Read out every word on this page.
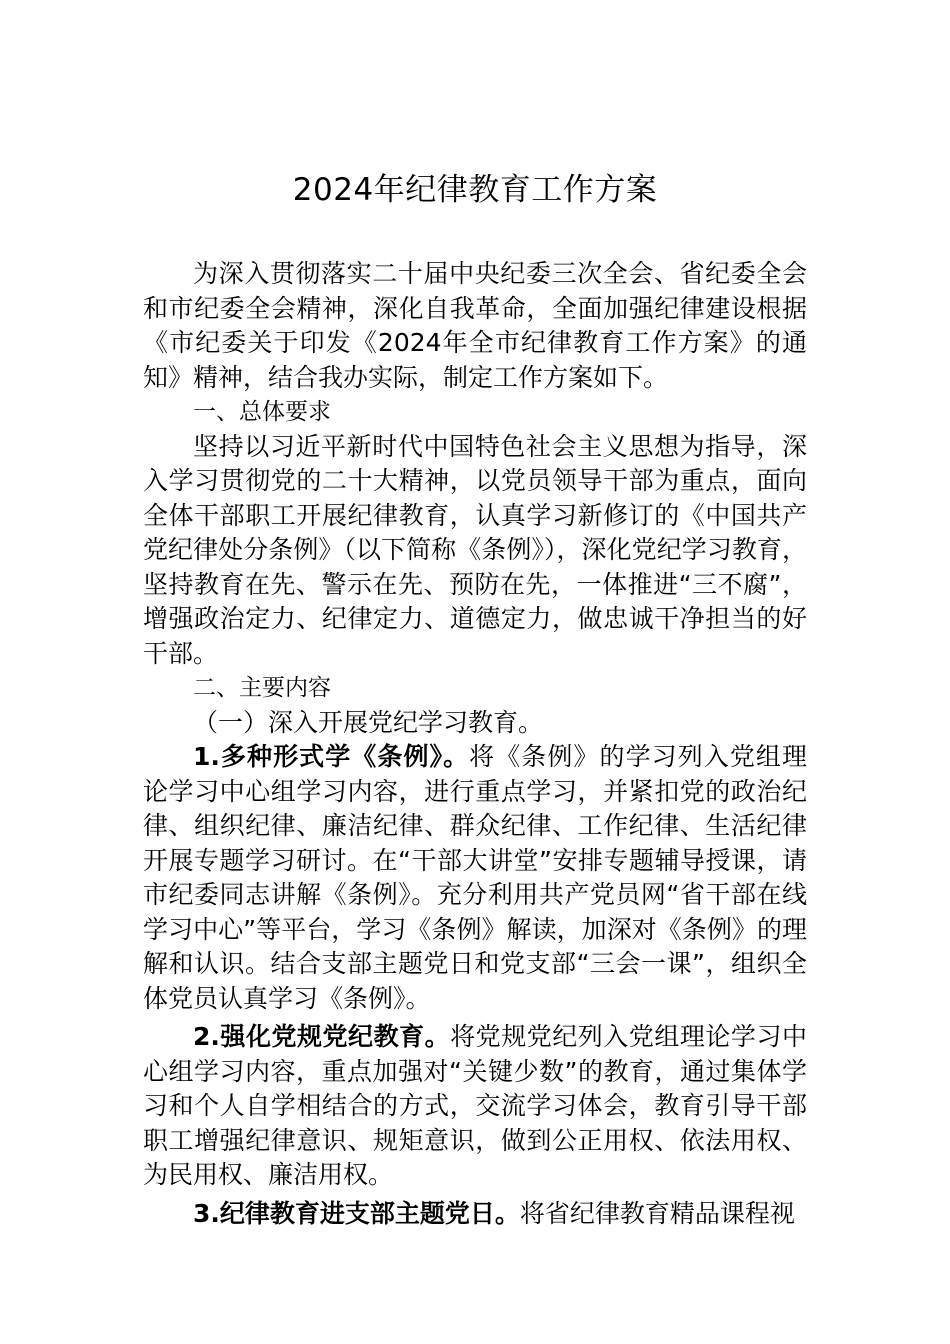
2024年纪律教育工作方案

为深入贯彻落实二十届中央纪委三次全会、省纪委全会和市纪委全会精神，深化自我革命，全面加强纪律建设根据《市纪委关于印发《2024年全市纪律教育工作方案》的通知》精神，结合我办实际，制定工作方案如下。

一、总体要求

坚持以习近平新时代中国特色社会主义思想为指导，深入学习贯彻党的二十大精神，以党员领导干部为重点，面向全体干部职工开展纪律教育，认真学习新修订的《中国共产党纪律处分条例》（以下简称《条例》），深化党纪学习教育，坚持教育在先、警示在先、预防在先，一体推进“三不腐”，增强政治定力、纪律定力、道德定力，做忠诚干净担当的好干部。

二、主要内容

（一）深入开展党纪学习教育。

1.多种形式学《条例》。将《条例》的学习列入党组理论学习中心组学习内容，进行重点学习，并紧扣党的政治纪律、组织纪律、廉洁纪律、群众纪律、工作纪律、生活纪律开展专题学习研讨。在“干部大讲堂”安排专题辅导授课，请市纪委同志讲解《条例》。充分利用共产党员网“省干部在线学习中心”等平台，学习《条例》解读，加深对《条例》的理解和认识。结合支部主题党日和党支部“三会一课”，组织全体党员认真学习《条例》。

2.强化党规党纪教育。将党规党纪列入党组理论学习中心组学习内容，重点加强对“关键少数”的教育，通过集体学习和个人自学相结合的方式，交流学习体会，教育引导干部职工增强纪律意识、规矩意识，做到公正用权、依法用权、为民用权、廉洁用权。

3.纪律教育进支部主题党日。将省纪律教育精品课程视
